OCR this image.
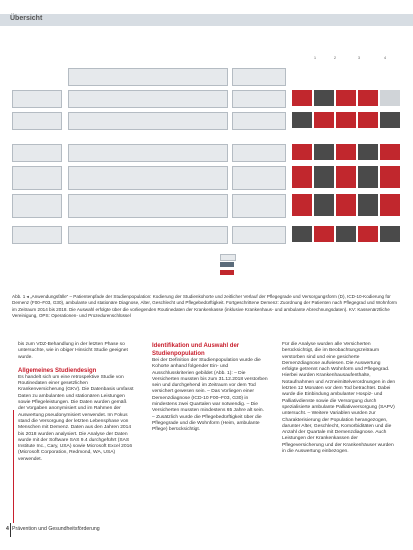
Übersicht
1	2	3	4
Abb. 1 ◂ „Anwendungsfälle“ – Patientenpfade der Studienpopulation: Kodierung der Studienkohorte und zeitlicher Verlauf der Pflegegrade und Versorgungsform (D), ICD-10-Kodierung für Demenz (F00–F03, G30), ambulante und stationäre Diagnose, Alter, Geschlecht und Pflegebedürftigkeit. Fortgeschrittene Demenz: Zuordnung der Patienten nach Pflegegrad und Wohnform im Zeitraum 2014 bis 2018. Die Auswahl erfolgte über die vorliegenden Routinedaten der Krankenkasse (inklusive Krankenhaus- und ambulante Abrechnungsdaten). KV: Kassenärztliche Vereinigung, OPS: Operationen- und Prozedurenschlüssel

bis zum VDZ-Behandlung in der letzten Phase so untersuchte, wie in obiger Hinsicht Studie geeignet wurde.

Allgemeines Studiendesign

Es handelt sich um eine retrospektive Studie von Routinedaten einer gesetzlichen Krankenversicherung (GKV). Die Datenbasis umfasst Daten zu ambulanten und stationären Leistungen sowie Pflegeleistungen. Die Daten wurden gemäß der Vorgaben anonymisiert und im Rahmen der Auswertung pseudonymisiert verwendet. Im Fokus stand die Versorgung der letzten Lebensphase von Menschen mit Demenz. Daten aus den Jahren 2014 bis 2018 wurden analysiert. Die Analyse der Daten wurde mit der Software SAS 9.4 durchgeführt (SAS Institute Inc., Cary, USA) sowie Microsoft Excel 2016 (Microsoft Corporation, Redmond, WA, USA) verwendet.

Identifikation und Auswahl der Studienpopulation

Bei der Definition der Studienpopulation wurde die Kohorte anhand folgender Ein- und Ausschlusskriterien gebildet (Abb. 1): – Die Versicherten mussten bis zum 31.12.2018 verstorben sein und durchgehend im Zeitraum vor dem Tod versichert gewesen sein. – Das Vorliegen einer Demenzdiagnose (ICD-10 F00–F03, G30) in mindestens zwei Quartalen war notwendig. – Die Versicherten mussten mindestens 65 Jahre alt sein. – Zusätzlich wurde die Pflegebedürftigkeit über die Pflegegrade und die Wohnform (Heim, ambulante Pflege) berücksichtigt.

Für die Analyse wurden alle Versicherten berücksichtigt, die im Beobachtungszeitraum verstorben sind und eine gesicherte Demenzdiagnose aufwiesen. Die Auswertung erfolgte getrennt nach Wohnform und Pflegegrad. Hierbei wurden Krankenhausaufenthalte, Notaufnahmen und Arzneimittelverordnungen in den letzten 12 Monaten vor dem Tod betrachtet. Dabei wurde die Einbindung ambulanter Hospiz- und Palliativdienste sowie die Versorgung durch spezialisierte ambulante Palliativversorgung (SAPV) untersucht. – Weitere Variablen wurden zur Charakterisierung der Population herangezogen, darunter Alter, Geschlecht, Komorbiditäten und die Anzahl der Quartale mit Demenzdiagnose. Auch Leistungen der Krankenkassen der Pflegeversicherung und der Krankenhäuser wurden in die Auswertung einbezogen.

4 Prävention und Gesundheitsförderung
